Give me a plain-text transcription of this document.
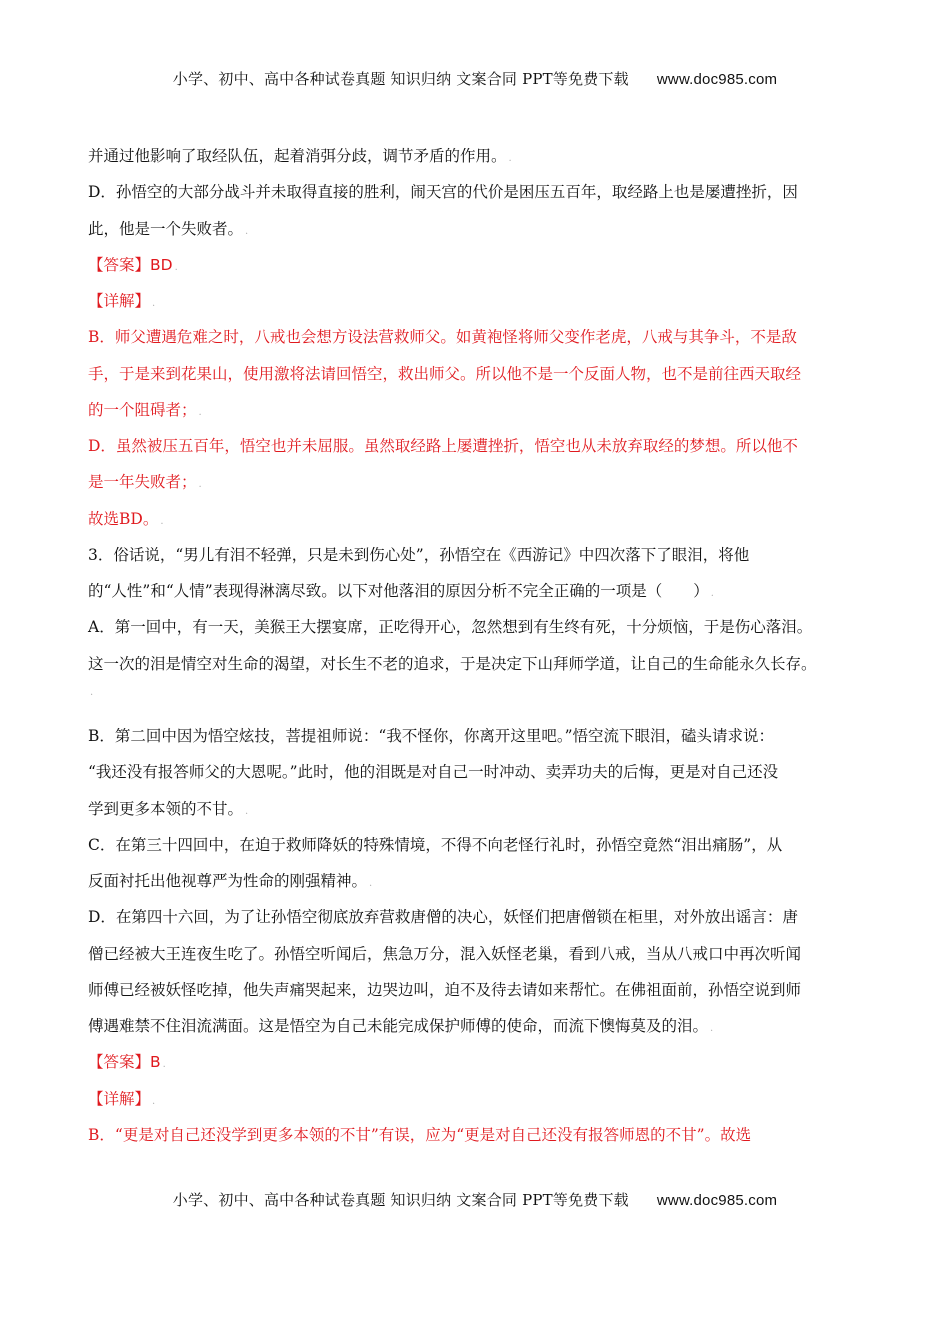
小学、初中、高中各种试卷真题 知识归纳 文案合同 PPT等免费下载 www.doc985.com
并通过他影响了取经队伍，起着消弭分歧，调节矛盾的作用。 .
D．孙悟空的大部分战斗并未取得直接的胜利，闹天宫的代价是困压五百年，取经路上也是屡遭挫折，因
此，他是一个失败者。 .
【答案】BD .
【详解】 .
B．师父遭遇危难之时，八戒也会想方设法营救师父。如黄袍怪将师父变作老虎，八戒与其争斗，不是敌
手，于是来到花果山，使用激将法请回悟空，救出师父。所以他不是一个反面人物，也不是前往西天取经
的一个阻碍者； .
D．虽然被压五百年，悟空也并未屈服。虽然取经路上屡遭挫折，悟空也从未放弃取经的梦想。所以他不
是一年失败者； .
故选BD。 .
3．俗话说，“男儿有泪不轻弹，只是未到伤心处”，孙悟空在《西游记》中四次落下了眼泪，将他
的“人性”和“人情”表现得淋漓尽致。以下对他落泪的原因分析不完全正确的一项是（　　） .
A．第一回中，有一天，美猴王大摆宴席，正吃得开心，忽然想到有生终有死，十分烦恼，于是伤心落泪。
这一次的泪是情空对生命的渴望，对长生不老的追求，于是决定下山拜师学道，让自己的生命能永久长存。
.
B．第二回中因为悟空炫技，菩提祖师说：“我不怪你，你离开这里吧。”悟空流下眼泪，磕头请求说：
“我还没有报答师父的大恩呢。”此时，他的泪既是对自己一时冲动、卖弄功夫的后悔，更是对自己还没
学到更多本领的不甘。 .
C．在第三十四回中，在迫于救师降妖的特殊情境，不得不向老怪行礼时，孙悟空竟然“泪出痛肠”，从
反面衬托出他视尊严为性命的刚强精神。 .
D．在第四十六回，为了让孙悟空彻底放弃营救唐僧的决心，妖怪们把唐僧锁在柜里，对外放出谣言：唐
僧已经被大王连夜生吃了。孙悟空听闻后，焦急万分，混入妖怪老巢，看到八戒，当从八戒口中再次听闻
师傅已经被妖怪吃掉，他失声痛哭起来，边哭边叫，迫不及待去请如来帮忙。在佛祖面前，孙悟空说到师
傅遇难禁不住泪流满面。这是悟空为自己未能完成保护师傅的使命，而流下懊悔莫及的泪。 .
【答案】B .
【详解】 .
B．“更是对自己还没学到更多本领的不甘”有误，应为“更是对自己还没有报答师恩的不甘”。故选
小学、初中、高中各种试卷真题 知识归纳 文案合同 PPT等免费下载 www.doc985.com
